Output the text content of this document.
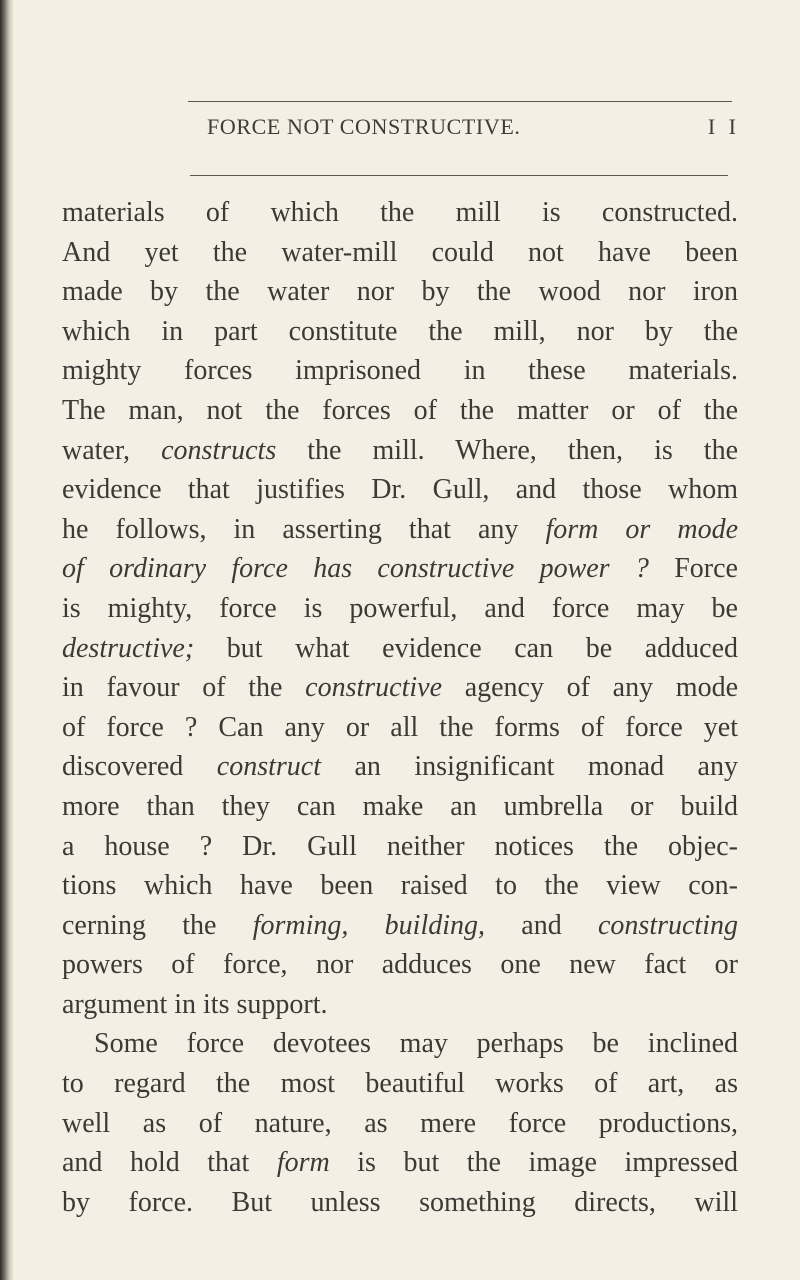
FORCE NOT CONSTRUCTIVE.	I I
materials of which the mill is constructed.
And yet the water-mill could not have been
made by the water nor by the wood nor iron
which in part constitute the mill, nor by the
mighty forces imprisoned in these materials.
The man, not the forces of the matter or of the
water, constructs the mill. Where, then, is the
evidence that justifies Dr. Gull, and those whom
he follows, in asserting that any form or mode
of ordinary force has constructive power ? Force
is mighty, force is powerful, and force may be
destructive; but what evidence can be adduced
in favour of the constructive agency of any mode
of force ? Can any or all the forms of force yet
discovered construct an insignificant monad any
more than they can make an umbrella or build
a house ? Dr. Gull neither notices the objec-
tions which have been raised to the view con-
cerning the forming, building, and constructing
powers of force, nor adduces one new fact or
argument in its support.
Some force devotees may perhaps be inclined
to regard the most beautiful works of art, as
well as of nature, as mere force productions,
and hold that form is but the image impressed
by force. But unless something directs, will
